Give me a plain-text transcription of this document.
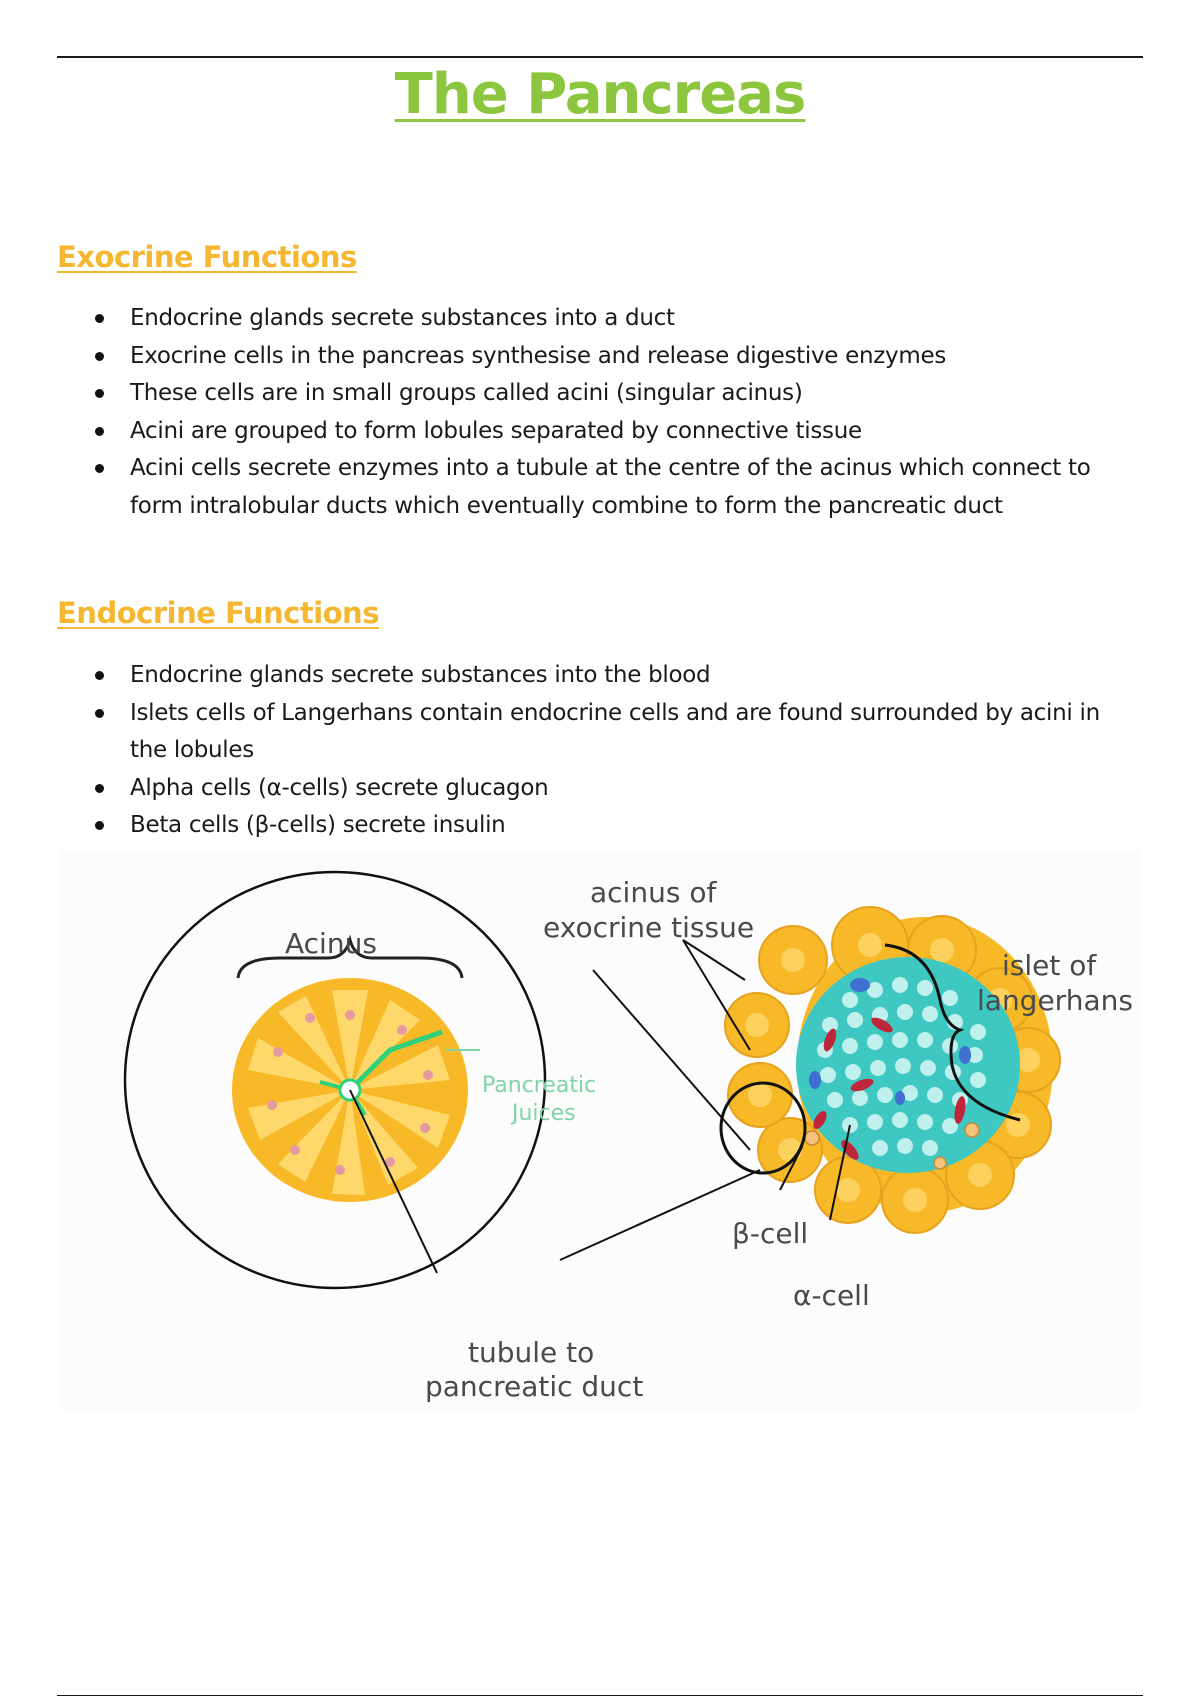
The Pancreas
Exocrine Functions
Endocrine glands secrete substances into a duct
Exocrine cells in the pancreas synthesise and release digestive enzymes
These cells are in small groups called acini (singular acinus)
Acini are grouped to form lobules separated by connective tissue
Acini cells secrete enzymes into a tubule at the centre of the acinus which connect to form intralobular ducts which eventually combine to form the pancreatic duct
Endocrine Functions
Endocrine glands secrete substances into the blood
Islets cells of Langerhans contain endocrine cells and are found surrounded by acini in the lobules
Alpha cells (α-cells) secrete glucagon
Beta cells (β-cells) secrete insulin
acinus of
exocrine tissue
Acinus
islet of
langerhans
Pancreatic
Juices
β-cell
α-cell
tubule to
pancreatic duct
